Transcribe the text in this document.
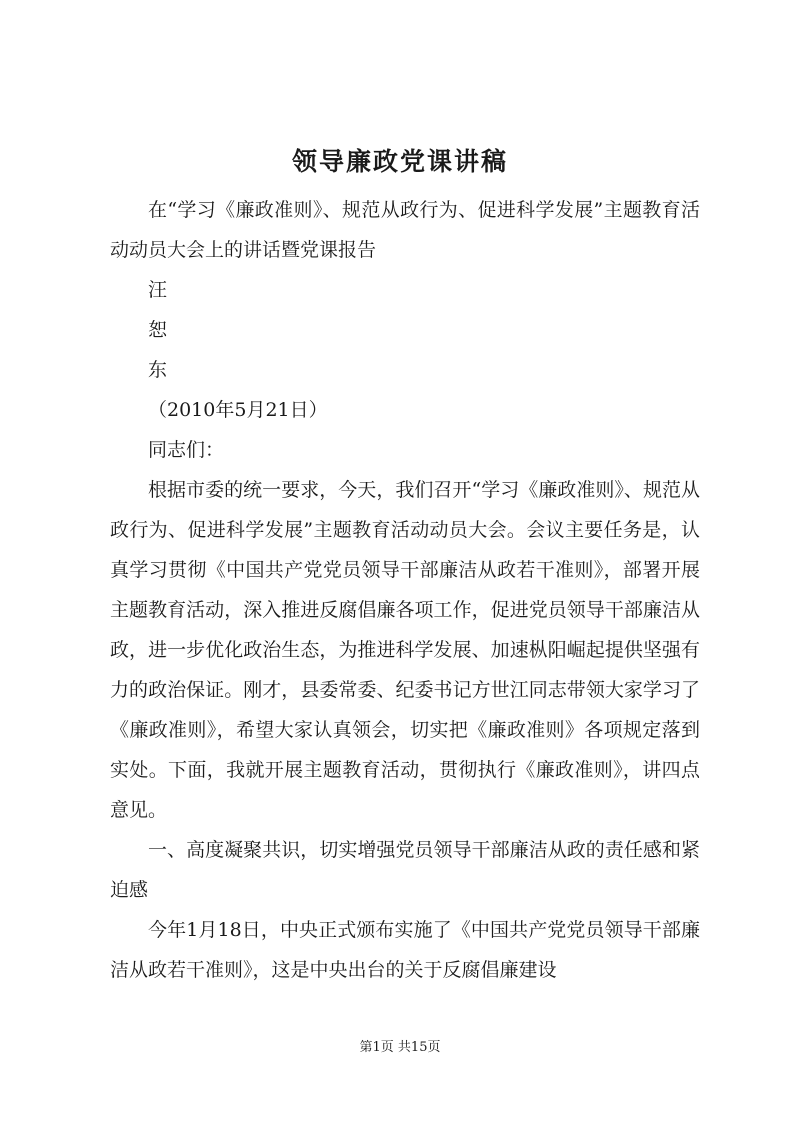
领导廉政党课讲稿

在“学习《廉政准则》、规范从政行为、促进科学发展”主题教育活动动员大会上的讲话暨党课报告

汪

恕

东

（2010年5月21日）

同志们：

根据市委的统一要求，今天，我们召开“学习《廉政准则》、规范从政行为、促进科学发展”主题教育活动动员大会。会议主要任务是，认真学习贯彻《中国共产党党员领导干部廉洁从政若干准则》，部署开展主题教育活动，深入推进反腐倡廉各项工作，促进党员领导干部廉洁从政，进一步优化政治生态，为推进科学发展、加速枞阳崛起提供坚强有力的政治保证。刚才，县委常委、纪委书记方世江同志带领大家学习了《廉政准则》，希望大家认真领会，切实把《廉政准则》各项规定落到实处。下面，我就开展主题教育活动，贯彻执行《廉政准则》，讲四点意见。

一、高度凝聚共识，切实增强党员领导干部廉洁从政的责任感和紧迫感

今年1月18日，中央正式颁布实施了《中国共产党党员领导干部廉洁从政若干准则》，这是中央出台的关于反腐倡廉建设

第1页 共15页
